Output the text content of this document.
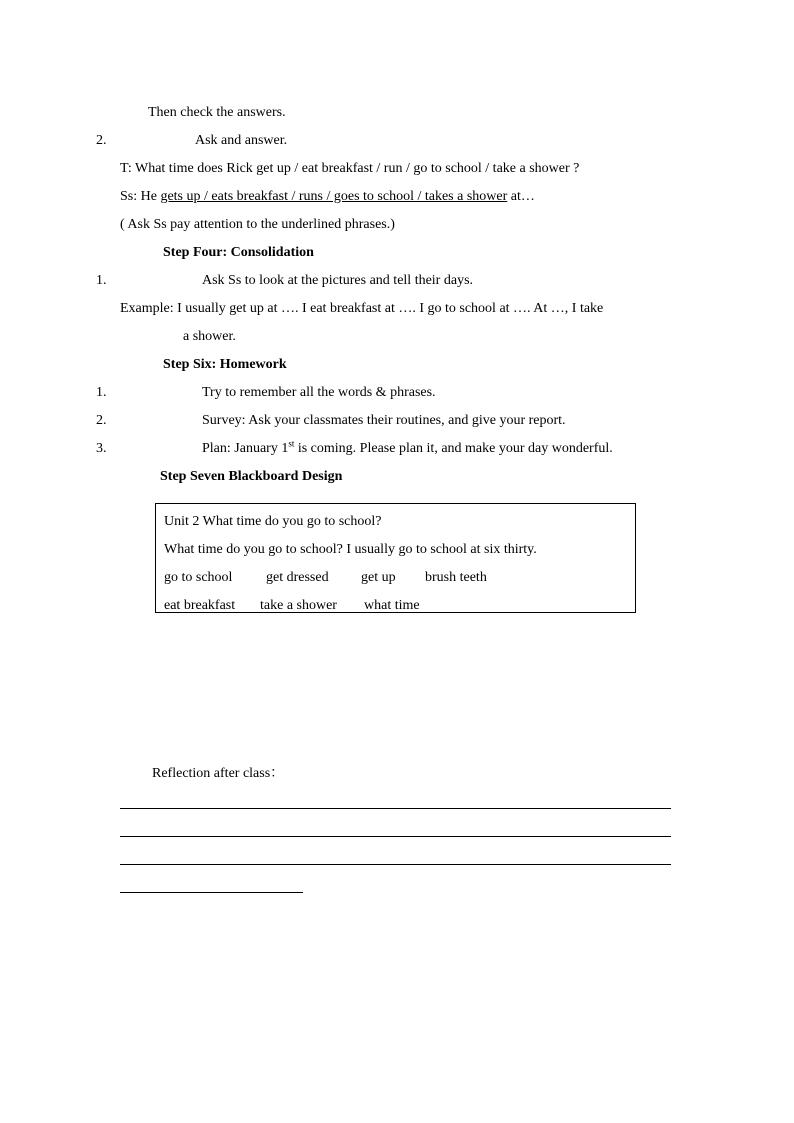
Then check the answers.
2.	Ask and answer.
T: What time does Rick get up / eat breakfast / run / go to school / take a shower ?
Ss: He gets up / eats breakfast / runs / goes to school / takes a shower at…
( Ask Ss pay attention to the underlined phrases.)
Step Four: Consolidation
1.	Ask Ss to look at the pictures and tell their days.
Example: I usually get up at …. I eat breakfast at …. I go to school at …. At …, I take
a shower.
Step Six: Homework
1.	Try to remember all the words & phrases.
2.	Survey: Ask your classmates their routines, and give your report.
3.	Plan: January 1st is coming. Please plan it, and make your day wonderful.
Step Seven Blackboard Design
Unit 2 What time do you go to school?
What time do you go to school? I usually go to school at six thirty.
go to school get dressed get up brush teeth
eat breakfast take a shower what time
Reflection after class：
